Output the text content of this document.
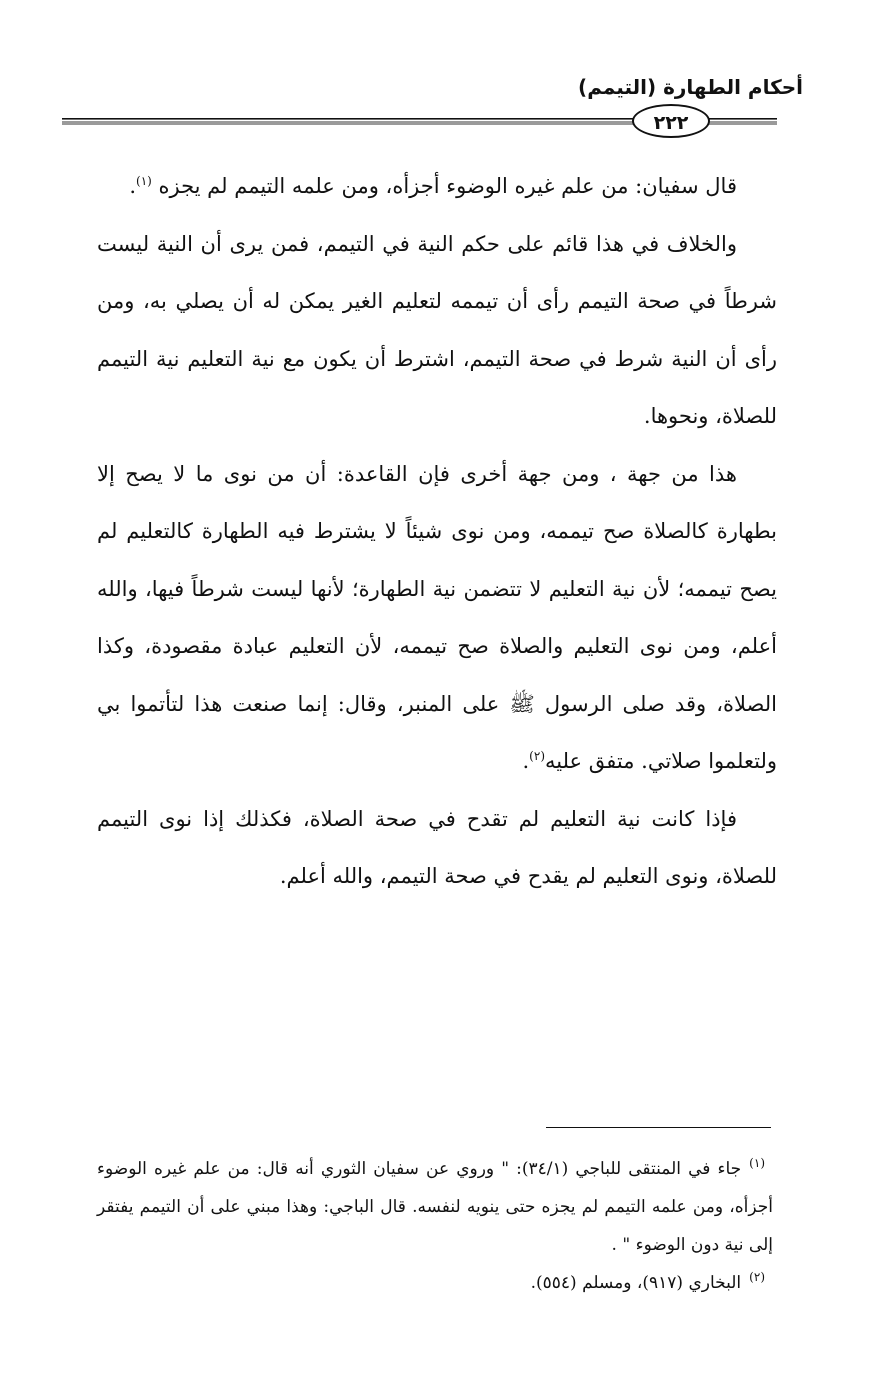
أحكام الطهارة (التيمم)
٢٢٢

قال سفيان: من علم غيره الوضوء أجزأه، ومن علمه التيمم لم يجزه $^{(١)}$.

والخلاف في هذا قائم على حكم النية في التيمم، فمن يرى أن النية ليست شرطاً في صحة التيمم رأى أن تيممه لتعليم الغير يمكن له أن يصلي به، ومن رأى أن النية شرط في صحة التيمم، اشترط أن يكون مع نية التعليم نية التيمم للصلاة، ونحوها.

هذا من جهة ، ومن جهة أخرى فإن القاعدة: أن من نوى ما لا يصح إلا بطهارة كالصلاة صح تيممه، ومن نوى شيئاً لا يشترط فيه الطهارة كالتعليم لم يصح تيممه؛ لأن نية التعليم لا تتضمن نية الطهارة؛ لأنها ليست شرطاً فيها، والله أعلم، ومن نوى التعليم والصلاة صح تيممه، لأن التعليم عبادة مقصودة، وكذا الصلاة، وقد صلى الرسول ﷺ على المنبر، وقال: إنما صنعت هذا لتأتموا بي ولتعلموا صلاتي. متفق عليه$^{(٢)}$.

فإذا كانت نية التعليم لم تقدح في صحة الصلاة، فكذلك إذا نوى التيمم للصلاة، ونوى التعليم لم يقدح في صحة التيمم، والله أعلم.

$^{(١)}$جاء في المنتقى للباجي (٣٤/١): " وروي عن سفيان الثوري أنه قال: من علم غيره الوضوء أجزأه، ومن علمه التيمم لم يجزه حتى ينويه لنفسه. قال الباجي: وهذا مبني على أن التيمم يفتقر إلى نية دون الوضوء " .

$^{(٢)}$البخاري (٩١٧)، ومسلم (٥٥٤).
